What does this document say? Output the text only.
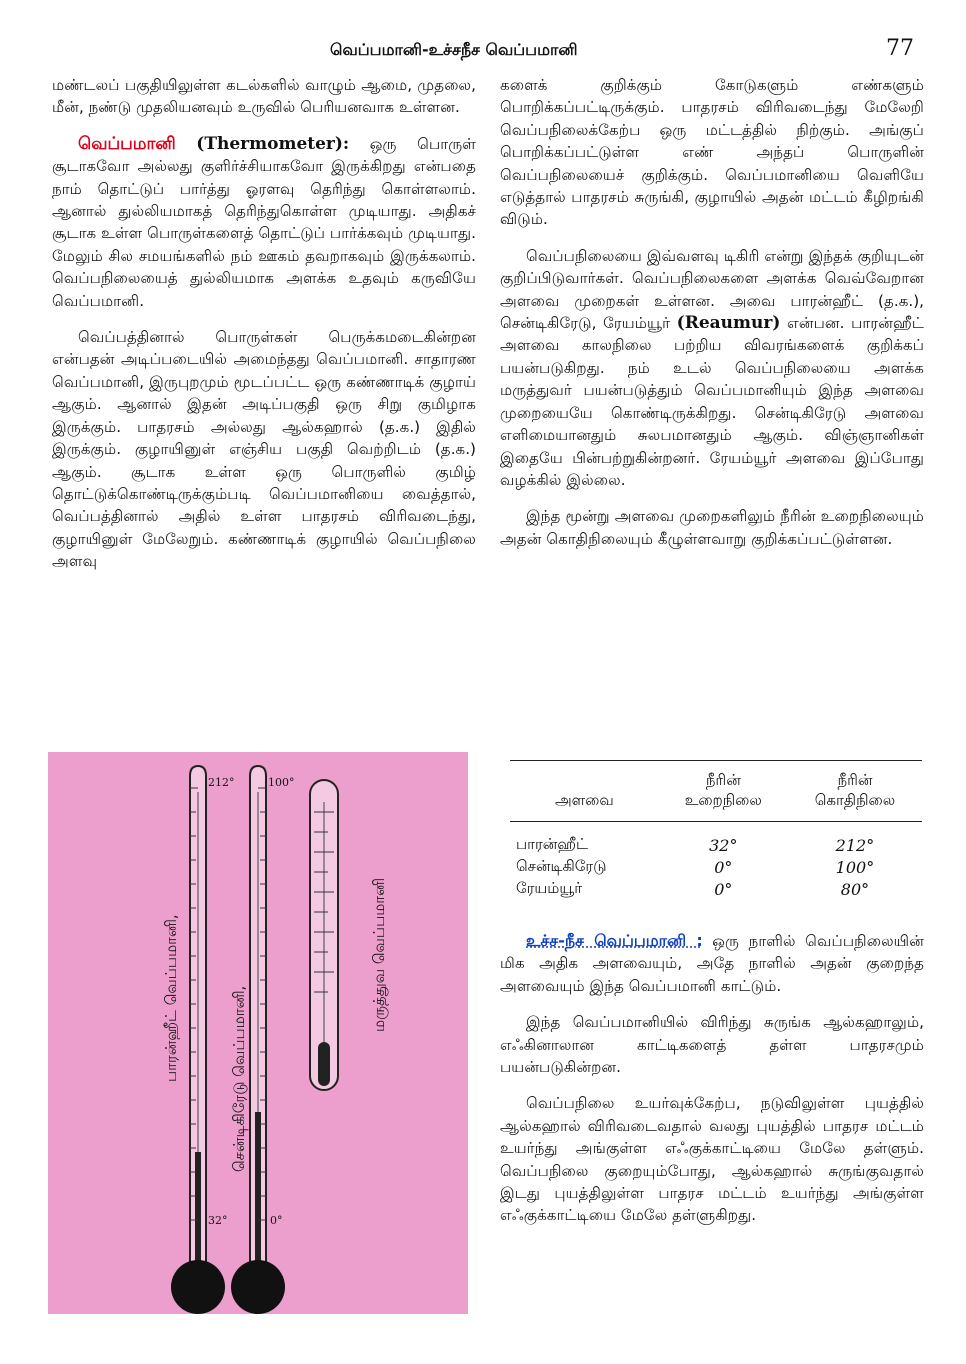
வெப்பமானி-உச்சநீச வெப்பமானி	77

மண்டலப் பகுதியிலுள்ள கடல்களில் வாழும் ஆமை, முதலை, மீன், நண்டு முதலியனவும் உருவில் பெரியனவாக உள்ளன.

வெப்பமானி (Thermometer): ஒரு பொருள் சூடாகவோ அல்லது குளிர்ச்சியாகவோ இருக்கிறது என்பதை நாம் தொட்டுப் பார்த்து ஓரளவு தெரிந்து கொள்ளலாம். ஆனால் துல்லியமாகத் தெரிந்துகொள்ள முடியாது. அதிகச் சூடாக உள்ள பொருள்களைத் தொட்டுப் பார்க்கவும் முடியாது. மேலும் சில சமயங்களில் நம் ஊகம் தவறாகவும் இருக்கலாம். வெப்பநிலையைத் துல்லியமாக அளக்க உதவும் கருவியே வெப்பமானி.

வெப்பத்தினால் பொருள்கள் பெருக்கமடைகின்றன என்பதன் அடிப்படையில் அமைந்தது வெப்பமானி. சாதாரண வெப்பமானி, இருபுறமும் மூடப்பட்ட ஒரு கண்ணாடிக் குழாய் ஆகும். ஆனால் இதன் அடிப்பகுதி ஒரு சிறு குமிழாக இருக்கும். பாதரசம் அல்லது ஆல்கஹால் (த.க.) இதில் இருக்கும். குழாயினுள் எஞ்சிய பகுதி வெற்றிடம் (த.க.) ஆகும். சூடாக உள்ள ஒரு பொருளில் குமிழ் தொட்டுக்கொண்டிருக்கும்படி வெப்பமானியை வைத்தால், வெப்பத்தினால் அதில் உள்ள பாதரசம் விரிவடைந்து, குழாயினுள் மேலேறும். கண்ணாடிக் குழாயில் வெப்பநிலை அளவு

212°
32°
பாரன்ஹீட் வெப்பமானி,
100°
0°
சென்டிகிரேடு வெப்பமானி,
மருத்துவ வெப்பமானி

களைக் குறிக்கும் கோடுகளும் எண்களும் பொறிக்கப்பட்டிருக்கும். பாதரசம் விரிவடைந்து மேலேறி வெப்பநிலைக்கேற்ப ஒரு மட்டத்தில் நிற்கும். அங்குப் பொறிக்கப்பட்டுள்ள எண் அந்தப் பொருளின் வெப்பநிலையைச் குறிக்கும். வெப்பமானியை வெளியே எடுத்தால் பாதரசம் சுருங்கி, குழாயில் அதன் மட்டம் கீழிறங்கி விடும்.

வெப்பநிலையை இவ்வளவு டிகிரி என்று இந்தக் குறியுடன் குறிப்பிடுவார்கள். வெப்பநிலைகளை அளக்க வெவ்வேறான அளவை முறைகள் உள்ளன. அவை பாரன்ஹீட் (த.க.), சென்டிகிரேடு, ரேயம்யூர் (Reaumur) என்பன. பாரன்ஹீட் அளவை காலநிலை பற்றிய விவரங்களைக் குறிக்கப் பயன்படுகிறது. நம் உடல் வெப்பநிலையை அளக்க மருத்துவர் பயன்படுத்தும் வெப்பமானியும் இந்த அளவை முறையையே கொண்டிருக்கிறது. சென்டிகிரேடு அளவை எளிமையானதும் சுலபமானதும் ஆகும். விஞ்ஞானிகள் இதையே பின்பற்றுகின்றனர். ரேயம்யூர் அளவை இப்போது வழக்கில் இல்லை.

இந்த மூன்று அளவை முறைகளிலும் நீரின் உறைநிலையும் அதன் கொதிநிலையும் கீழுள்ளவாறு குறிக்கப்பட்டுள்ளன.

	நீரின்	நீரின்
அளவை	உறைநிலை	கொதிநிலை
பாரன்ஹீட்	32°	212°
சென்டிகிரேடு	0°	100°
ரேயம்யூர்	0°	80°

உச்ச-நீச வெப்பமானி : ஒரு நாளில் வெப்பநிலையின் மிக அதிக அளவையும், அதே நாளில் அதன் குறைந்த அளவையும் இந்த வெப்பமானி காட்டும்.

இந்த வெப்பமானியில் விரிந்து சுருங்க ஆல்கஹாலும், எஃகினாலான காட்டிகளைத் தள்ள பாதரசமும் பயன்படுகின்றன.

வெப்பநிலை உயர்வுக்கேற்ப, நடுவிலுள்ள புயத்தில் ஆல்கஹால் விரிவடைவதால் வலது புயத்தில் பாதரச மட்டம் உயர்ந்து அங்குள்ள எஃகுக்காட்டியை மேலே தள்ளும். வெப்பநிலை குறையும்போது, ஆல்கஹால் சுருங்குவதால் இடது புயத்திலுள்ள பாதரச மட்டம் உயர்ந்து அங்குள்ள எஃகுக்காட்டியை மேலே தள்ளுகிறது.
